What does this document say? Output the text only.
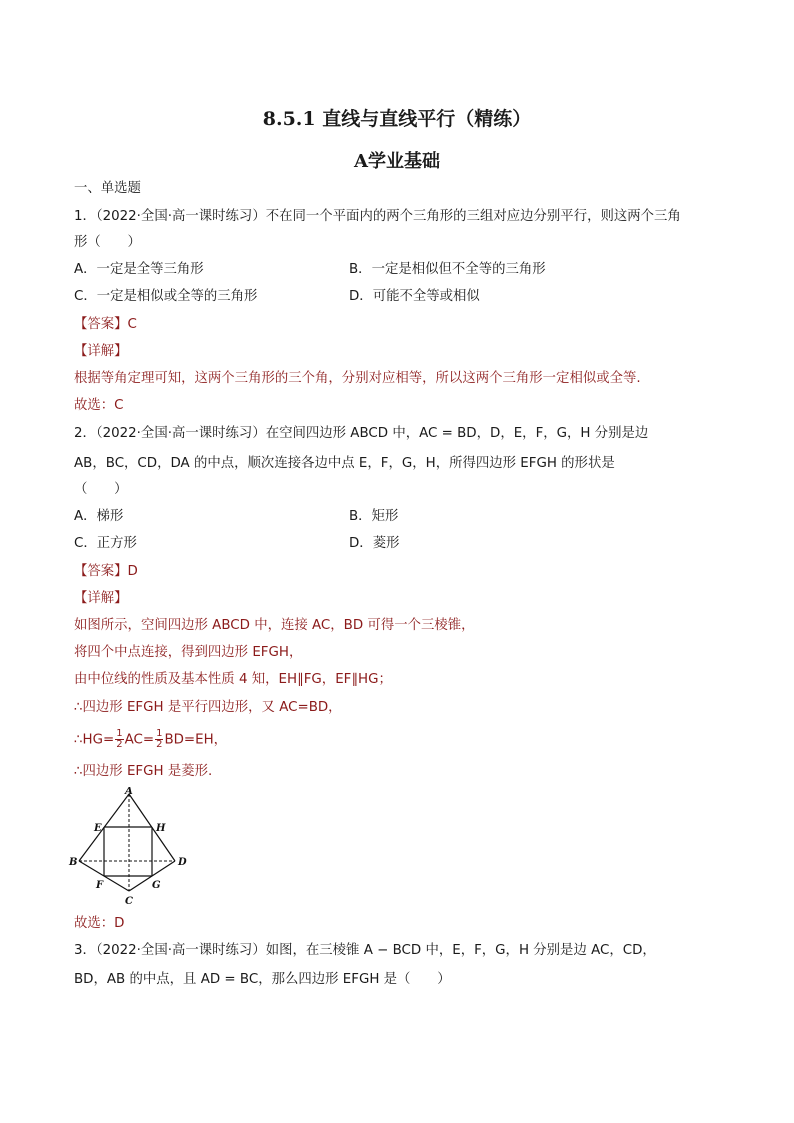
8.5.1 直线与直线平行（精练）
A学业基础
一、单选题
1．（2022·全国·高一课时练习）不在同一个平面内的两个三角形的三组对应边分别平行，则这两个三角
形（　　）
A．一定是全等三角形	B．一定是相似但不全等的三角形
C．一定是相似或全等的三角形	D．可能不全等或相似
【答案】C
【详解】
根据等角定理可知，这两个三角形的三个角，分别对应相等，所以这两个三角形一定相似或全等.
故选：C
2．（2022·全国·高一课时练习）在空间四边形 ABCD 中，AC = BD，D，E，F，G，H 分别是边
AB，BC，CD，DA 的中点，顺次连接各边中点 E，F，G，H，所得四边形 EFGH 的形状是
（　　）
A．梯形	B．矩形
C．正方形	D．菱形
【答案】D
【详解】
如图所示，空间四边形 ABCD 中，连接 AC，BD 可得一个三棱锥，
将四个中点连接，得到四边形 EFGH，
由中位线的性质及基本性质 4 知，EH∥FG，EF∥HG；
∴四边形 EFGH 是平行四边形，又 AC=BD，
∴HG= $\frac{1}{2} AC= \frac{1}{2} BD=EH$，
∴四边形 EFGH 是菱形.
A
E	H
B	D
F	G
C
故选：D
3．（2022·全国·高一课时练习）如图，在三棱锥 A − BCD 中，E，F，G，H 分别是边 AC，CD，
BD，AB 的中点，且 AD = BC，那么四边形 EFGH 是（　　）
